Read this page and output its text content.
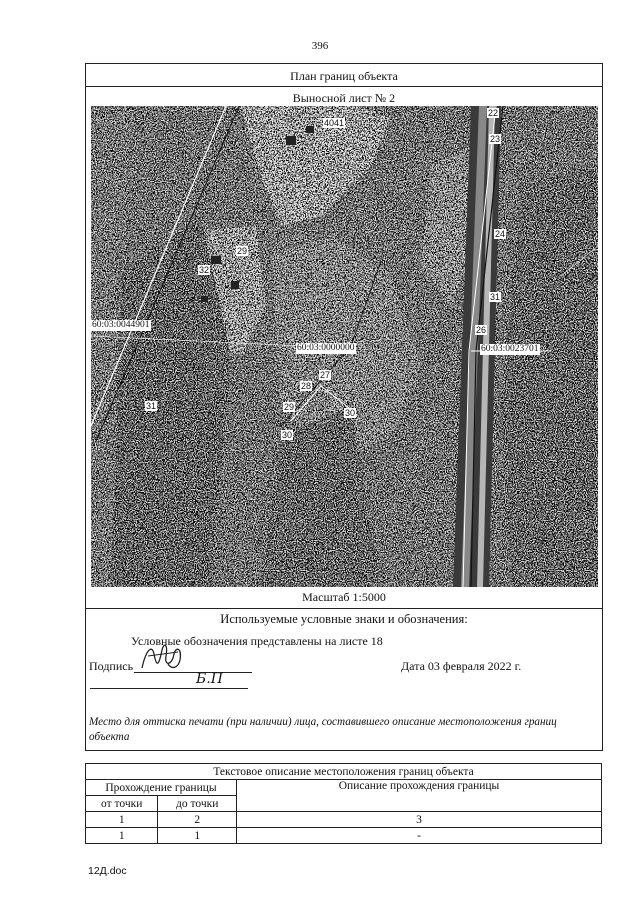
396
План границ объекта
Выносной лист № 2
31
32
29
30
27
28
30
29
31
26
22
23
24
4041
60:03:0044901
60:03:0000000	60:03:0023701
Масштаб 1:5000
Используемые условные знаки и обозначения:
Условные обозначения представлены на листе 18
Подпись
Б.П
Дата 03 февраля 2022 г.
Место для оттиска печати (при наличии) лица, составившего описание местоположения границ объекта
Текстовое описание местоположения границ объекта		
Прохождение границы		Описание прохождения границы
от точки	до точки	
1	2	3
1	1	-
12Д.doc
